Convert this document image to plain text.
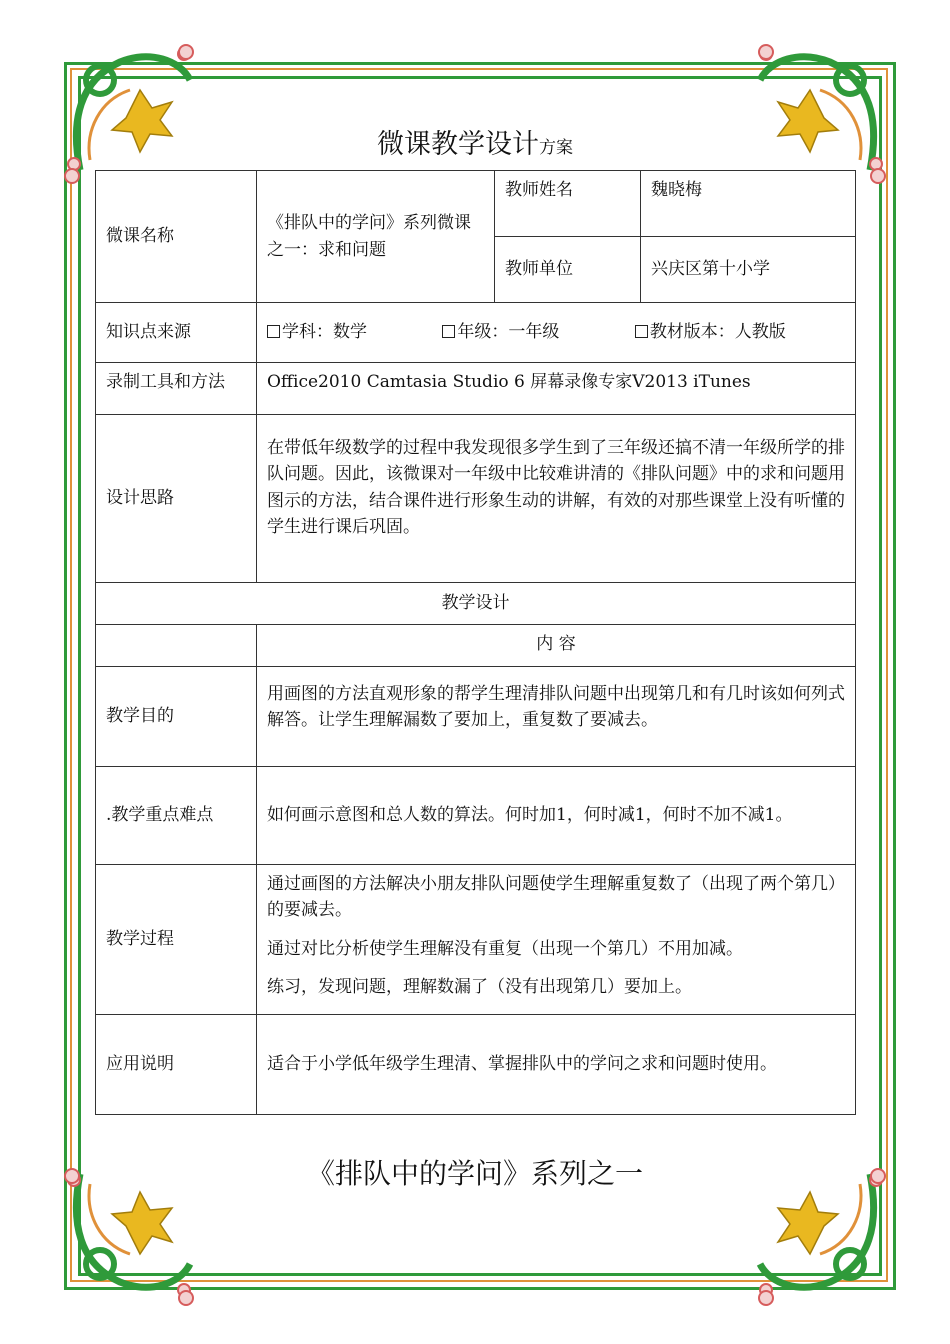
微课教学设计方案
微课名称	《排队中的学问》系列微课之一：求和问题	教师姓名	魏晓梅
		教师单位	兴庆区第十小学
知识点来源	学科：数学 年级：一年级 教材版本：人教版		
录制工具和方法	Office2010 Camtasia Studio 6 屏幕录像专家V2013 iTunes		
设计思路	在带低年级数学的过程中我发现很多学生到了三年级还搞不清一年级所学的排队问题。因此，该微课对一年级中比较难讲清的《排队问题》中的求和问题用图示的方法，结合课件进行形象生动的讲解，有效的对那些课堂上没有听懂的学生进行课后巩固。		
教学设计			
	内 容		
教学目的	用画图的方法直观形象的帮学生理清排队问题中出现第几和有几时该如何列式解答。让学生理解漏数了要加上，重复数了要减去。		
.教学重点难点	如何画示意图和总人数的算法。何时加1，何时减1，何时不加不减1。		
教学过程	通过画图的方法解决小朋友排队问题使学生理解重复数了（出现了两个第几）的要减去。

通过对比分析使学生理解没有重复（出现一个第几）不用加减。

练习，发现问题，理解数漏了（没有出现第几）要加上。		

应用说明	适合于小学低年级学生理清、掌握排队中的学问之求和问题时使用。		
《排队中的学问》系列之一
